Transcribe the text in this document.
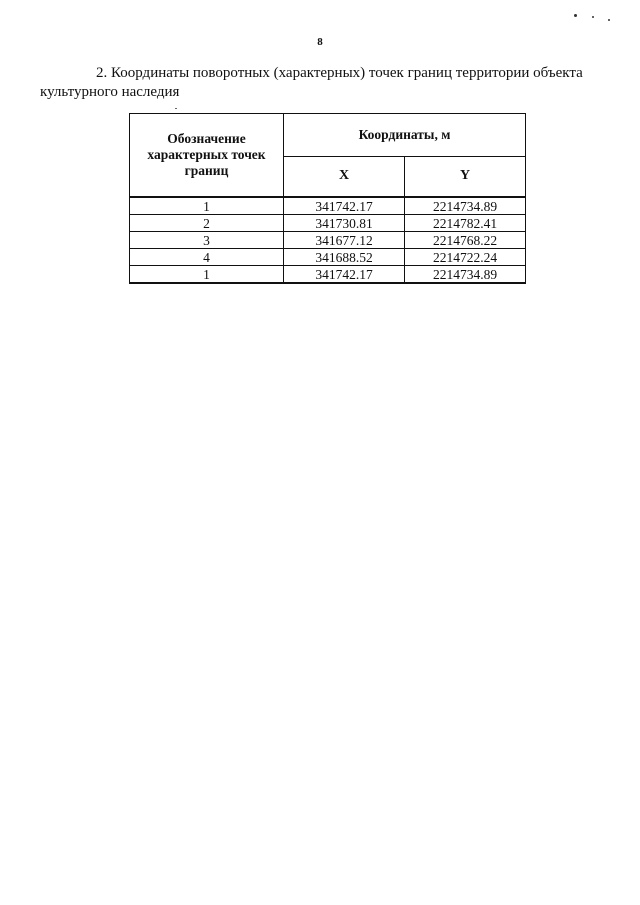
8

2. Координаты поворотных (характерных) точек границ территории объекта
культурного наследия

Обозначение характерных точек границ	Координаты, м	
	X	Y
1	341742.17	2214734.89
2	341730.81	2214782.41
3	341677.12	2214768.22
4	341688.52	2214722.24
1	341742.17	2214734.89
